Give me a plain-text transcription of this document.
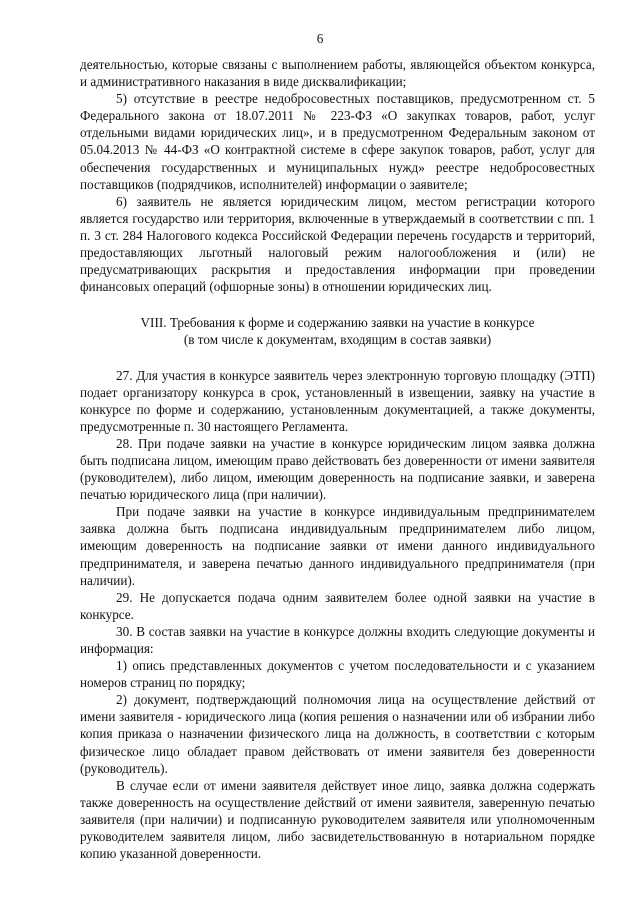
6

деятельностью, которые связаны с выполнением работы, являющейся объектом конкурса, и административного наказания в виде дисквалификации;

5) отсутствие в реестре недобросовестных поставщиков, предусмотренном ст. 5 Федерального закона от 18.07.2011 № 223-ФЗ «О закупках товаров, работ, услуг отдельными видами юридических лиц», и в предусмотренном Федеральным законом от 05.04.2013 № 44-ФЗ «О контрактной системе в сфере закупок товаров, работ, услуг для обеспечения государственных и муниципальных нужд» реестре недобросовестных поставщиков (подрядчиков, исполнителей) информации о заявителе;

6) заявитель не является юридическим лицом, местом регистрации которого является государство или территория, включенные в утверждаемый в соответствии с пп. 1 п. 3 ст. 284 Налогового кодекса Российской Федерации перечень государств и территорий, предоставляющих льготный налоговый режим налогообложения и (или) не предусматривающих раскрытия и предоставления информации при проведении финансовых операций (офшорные зоны) в отношении юридических лиц.

VIII. Требования к форме и содержанию заявки на участие в конкурсе

(в том числе к документам, входящим в состав заявки)

27. Для участия в конкурсе заявитель через электронную торговую площадку (ЭТП) подает организатору конкурса в срок, установленный в извещении, заявку на участие в конкурсе по форме и содержанию, установленным документацией, а также документы, предусмотренные п. 30 настоящего Регламента.

28. При подаче заявки на участие в конкурсе юридическим лицом заявка должна быть подписана лицом, имеющим право действовать без доверенности от имени заявителя (руководителем), либо лицом, имеющим доверенность на подписание заявки, и заверена печатью юридического лица (при наличии).

При подаче заявки на участие в конкурсе индивидуальным предпринимателем заявка должна быть подписана индивидуальным предпринимателем либо лицом, имеющим доверенность на подписание заявки от имени данного индивидуального предпринимателя, и заверена печатью данного индивидуального предпринимателя (при наличии).

29. Не допускается подача одним заявителем более одной заявки на участие в конкурсе.

30. В состав заявки на участие в конкурсе должны входить следующие документы и информация:

1) опись представленных документов с учетом последовательности и с указанием номеров страниц по порядку;

2) документ, подтверждающий полномочия лица на осуществление действий от имени заявителя - юридического лица (копия решения о назначении или об избрании либо копия приказа о назначении физического лица на должность, в соответствии с которым физическое лицо обладает правом действовать от имени заявителя без доверенности (руководитель).

В случае если от имени заявителя действует иное лицо, заявка должна содержать также доверенность на осуществление действий от имени заявителя, заверенную печатью заявителя (при наличии) и подписанную руководителем заявителя или уполномоченным руководителем заявителя лицом, либо засвидетельствованную в нотариальном порядке копию указанной доверенности.
